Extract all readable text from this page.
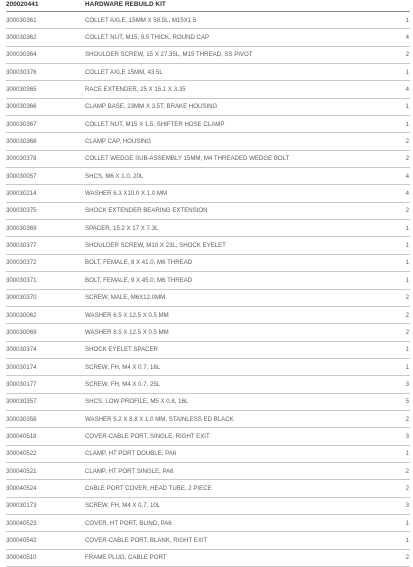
200020441	HARDWARE REBUILD KIT
300030361	COLLET AXLE, 15MM X 58.5L, M15X1.5	1
300030362	COLLET NUT, M15, 9.5 THICK, ROUND CAP	4
300030364	SHOULDER SCREW, 15 X 27.35L, M15 THREAD, SS PIVOT	2
300030376	COLLET AXLE 15MM, 43.5L	1
300030365	RACE EXTENDER, 25 X 15.1 X 3.35	4
300030366	CLAMP BASE, 23MM X 3.5T, BRAKE HOUSING	1
300030367	COLLET NUT, M15 X 1.5, SHIFTER HOSE CLAMP	1
300030368	CLAMP CAP, HOUSING	2
300030378	COLLET WEDGE SUB-ASSEMBLY 15MM, M4 THREADED WEDGE BOLT	2
300030057	SHCS, M6 X 1.0, 20L	4
300030214	WASHER 6.3 X10.0 X 1.0 MM	4
300030375	SHOCK EXTENDER BEARING EXTENSION	2
300030369	SPACER, 15.2 X 17 X 7.3L	1
300030377	SHOULDER SCREW, M10 X 23L, SHOCK EYELET	1
300030372	BOLT, FEMALE, 8 X 41.0, M6 THREAD	1
300030371	BOLT, FEMALE, 9 X 45.0, M6 THREAD	1
300030370	SCREW, MALE, M6X12.0MM	2
300030062	WASHER 6.5 X 12.5 X 0.5 MM	2
300030069	WASHER 8.5 X 12.5 X 0.5 MM	2
300030374	SHOCK EYELET SPACER	1
300030174	SCREW, FH, M4 X 0.7, 16L	1
300030177	SCREW, FH, M4 X 0.7, 25L	3
300030357	SHCS, LOW PROFILE, M5 X 0.8, 16L	5
300030358	WASHER 5.2 X 8.8 X 1.0 MM, STAINLESS ED BLACK	2
300040518	COVER-CABLE PORT, SINGLE, RIGHT EXIT	3
300040522	CLAMP, HT PORT DOUBLE, PA6	1
300040521	CLAMP, HT PORT SINGLE, PA6	2
300040524	CABLE PORT COVER, HEAD TUBE, 2 PIECE	2
300030173	SCREW, FH, M4 X 0.7, 10L	3
300040523	COVER, HT PORT, BLIND, PA6	1
300040542	COVER-CABLE PORT, BLANK, RIGHT EXIT	1
300040510	FRAME PLUG, CABLE PORT	2
